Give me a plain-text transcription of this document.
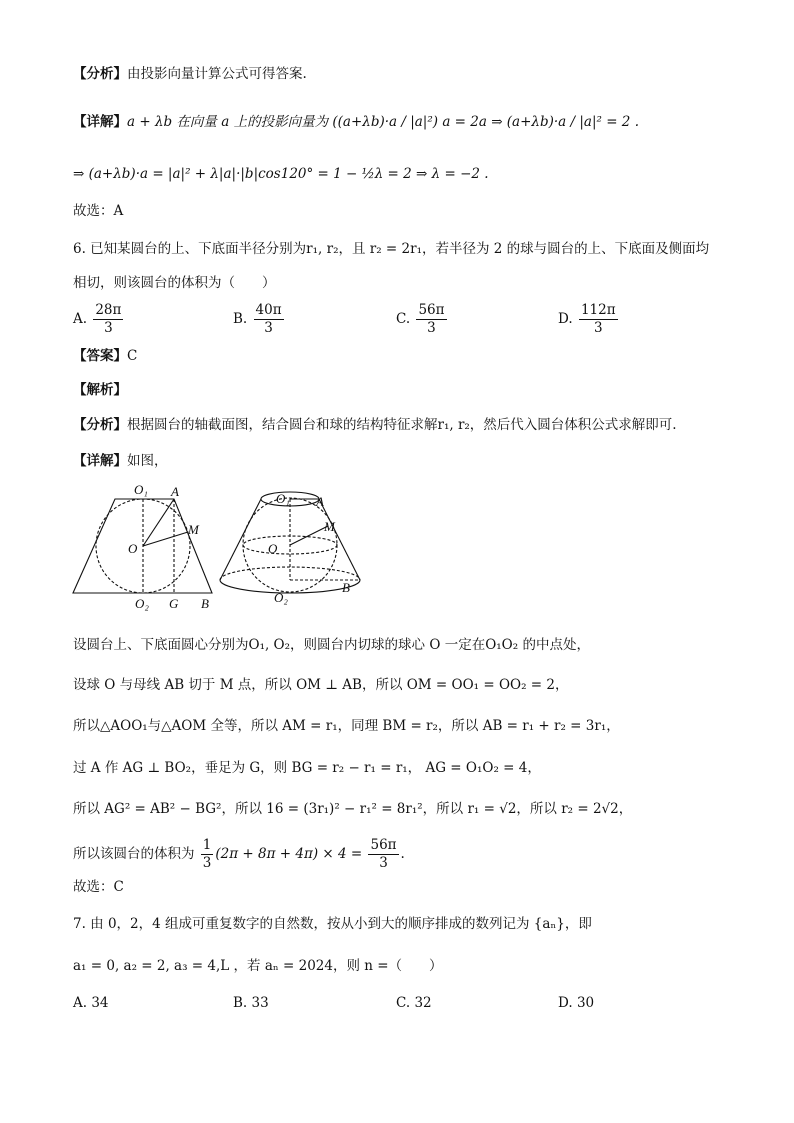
【分析】由投影向量计算公式可得答案.
【详解】a + λb 在向量 a 上的投影向量为 ((a+λb)·a / |a|²) a = 2a ⇒ (a+λb)·a / |a|² = 2 .
⇒ (a+λb)·a = |a|² + λ|a|·|b|cos120° = 1 − ½λ = 2 ⇒ λ = −2 .
故选：A
6. 已知某圆台的上、下底面半径分别为r₁, r₂，且 r₂ = 2r₁，若半径为 2 的球与圆台的上、下底面及侧面均
相切，则该圆台的体积为（　　）
A. $\frac{28\pi}{3}$	B. $\frac{40\pi}{3}$	C. $\frac{56\pi}{3}$	D. $\frac{112\pi}{3}$
【答案】C
【解析】
【分析】根据圆台的轴截面图，结合圆台和球的结构特征求解r₁, r₂，然后代入圆台体积公式求解即可.
【详解】如图，
O₁ A
M
O
O₂ G B
O₁ A
M
O
O₂
B
设圆台上、下底面圆心分别为O₁, O₂，则圆台内切球的球心 O 一定在O₁O₂ 的中点处，
设球 O 与母线 AB 切于 M 点，所以 OM ⊥ AB，所以 OM = OO₁ = OO₂ = 2，
所以△AOO₁与△AOM 全等，所以 AM = r₁，同理 BM = r₂，所以 AB = r₁ + r₂ = 3r₁，
过 A 作 AG ⊥ BO₂，垂足为 G，则 BG = r₂ − r₁ = r₁， AG = O₁O₂ = 4，
所以 AG² = AB² − BG²，所以 16 = (3r₁)² − r₁² = 8r₁²，所以 r₁ = √2，所以 r₂ = 2√2，
所以该圆台的体积为 $\frac{1}{3} (2\pi + 8\pi + 4\pi) \times 4 = \frac{56\pi}{3}$ .
故选：C
7. 由 0，2，4 组成可重复数字的自然数，按从小到大的顺序排成的数列记为 {aₙ}，即
a₁ = 0, a₂ = 2, a₃ = 4,L ，若 aₙ = 2024，则 n =（　　）
A. 34	B. 33	C. 32	D. 30
